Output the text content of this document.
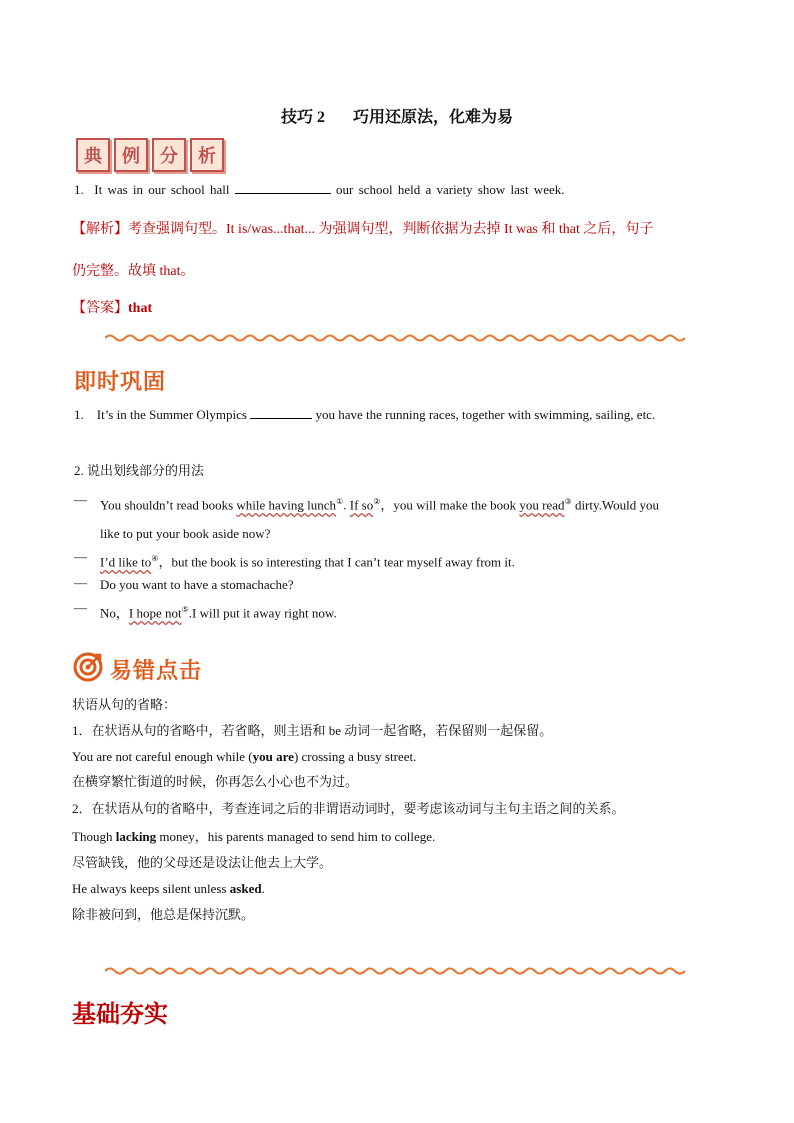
技巧 2 巧用还原法，化难为易
典	例	分	析
1. It was in our school hall	our school held a variety show last week.
【解析】考查强调句型。It is/was...that... 为强调句型，判断依据为去掉 It was 和 that 之后，句子
仍完整。故填 that。
【答案】that
即时巩固
1. It’s in the Summer Olympics	you have the running races, together with swimming, sailing, etc.
2. 说出划线部分的用法
— You shouldn’t read books while having lunch①. If so②，you will make the book you read③ dirty.Would you
like to put your book aside now?
— I’d like to④，but the book is so interesting that I can’t tear myself away from it.
— Do you want to have a stomachache?
— No，I hope not⑤.I will put it away right now.
易错点击
状语从句的省略：
1．在状语从句的省略中，若省略，则主语和 be 动词一起省略，若保留则一起保留。
You are not careful enough while (you are) crossing a busy street.
在横穿繁忙街道的时候，你再怎么小心也不为过。
2．在状语从句的省略中，考查连词之后的非谓语动词时，要考虑该动词与主句主语之间的关系。
Though lacking money，his parents managed to send him to college.
尽管缺钱，他的父母还是设法让他去上大学。
He always keeps silent unless asked.
除非被问到，他总是保持沉默。
基础夯实
